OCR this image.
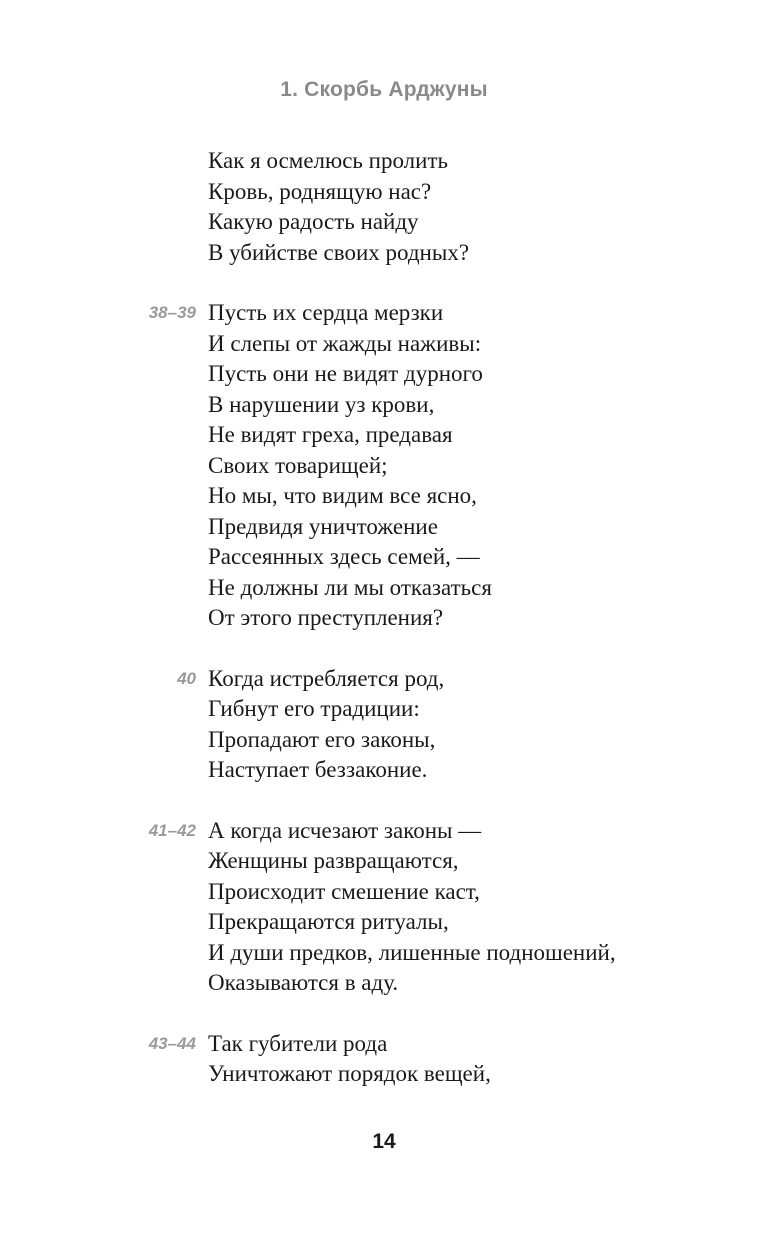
1. Скорбь Арджуны
Как я осмелюсь пролить
Кровь, роднящую нас?
Какую радость найду
В убийстве своих родных?
38–39 Пусть их сердца мерзки
И слепы от жажды наживы:
Пусть они не видят дурного
В нарушении уз крови,
Не видят греха, предавая
Своих товарищей;
Но мы, что видим все ясно,
Предвидя уничтожение
Рассеянных здесь семей, —
Не должны ли мы отказаться
От этого преступления?
40 Когда истребляется род,
Гибнут его традиции:
Пропадают его законы,
Наступает беззаконие.
41–42 А когда исчезают законы —
Женщины развращаются,
Происходит смешение каст,
Прекращаются ритуалы,
И души предков, лишенные подношений,
Оказываются в аду.
43–44 Так губители рода
Уничтожают порядок вещей,
14
